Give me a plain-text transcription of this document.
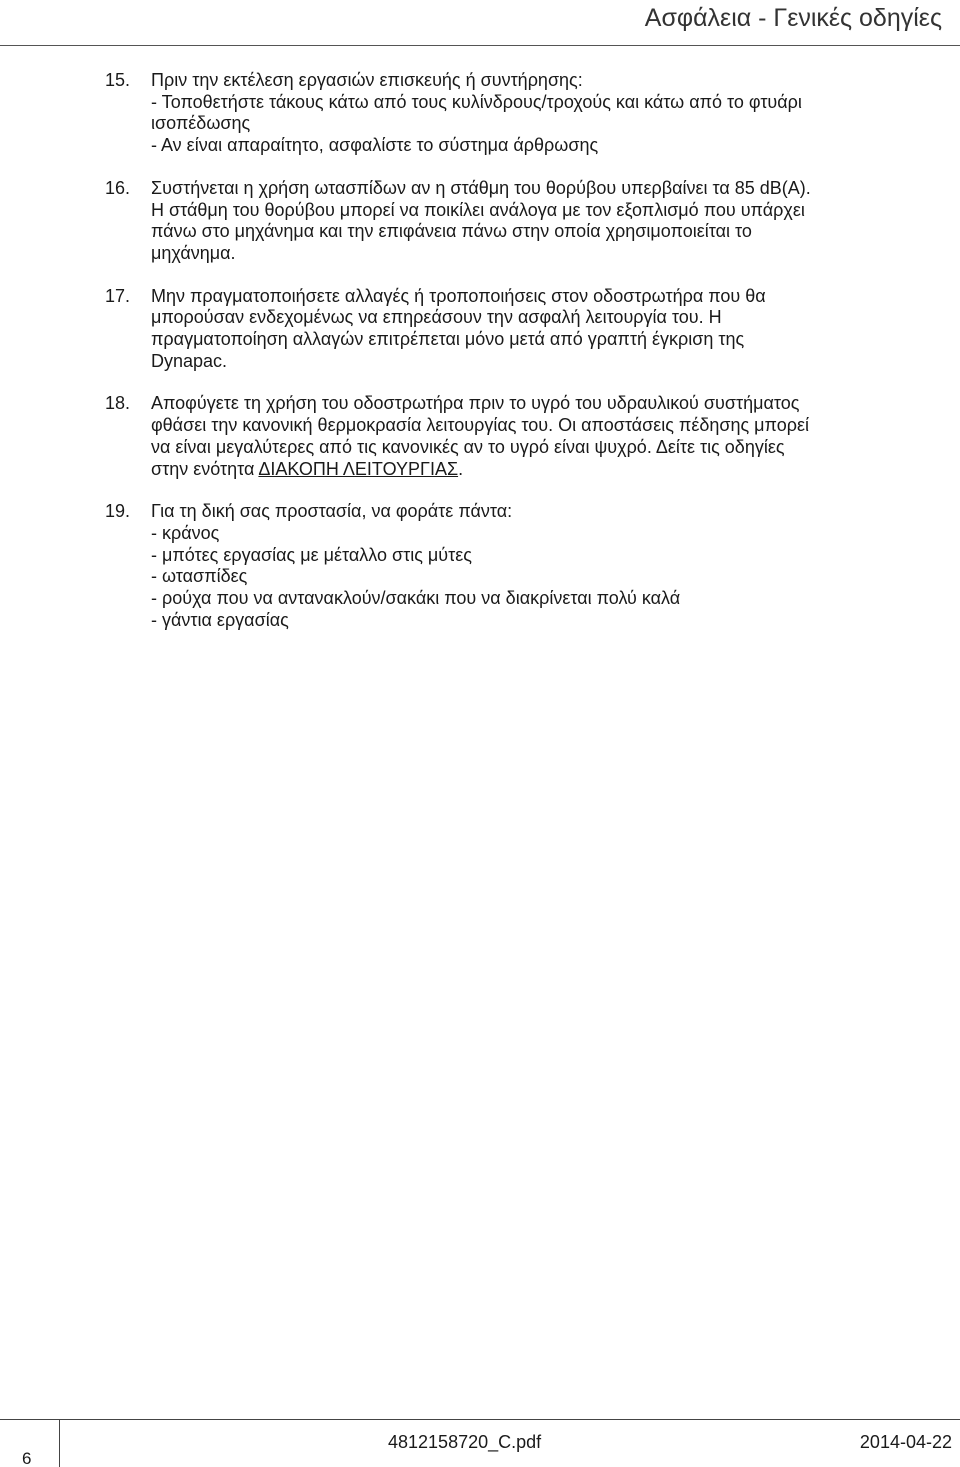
Ασφάλεια - Γενικές οδηγίες
15. Πριν την εκτέλεση εργασιών επισκευής ή συντήρησης:
- Τοποθετήστε τάκους κάτω από τους κυλίνδρους/τροχούς και κάτω από το φτυάρι
ισοπέδωσης
- Αν είναι απαραίτητο, ασφαλίστε το σύστημα άρθρωσης
16. Συστήνεται η χρήση ωτασπίδων αν η στάθμη του θορύβου υπερβαίνει τα 85 dB(A).
Η στάθμη του θορύβου μπορεί να ποικίλει ανάλογα με τον εξοπλισμό που υπάρχει
πάνω στο μηχάνημα και την επιφάνεια πάνω στην οποία χρησιμοποιείται το
μηχάνημα.
17. Μην πραγματοποιήσετε αλλαγές ή τροποποιήσεις στον οδοστρωτήρα που θα
μπορούσαν ενδεχομένως να επηρεάσουν την ασφαλή λειτουργία του. Η
πραγματοποίηση αλλαγών επιτρέπεται μόνο μετά από γραπτή έγκριση της
Dynapac.
18. Αποφύγετε τη χρήση του οδοστρωτήρα πριν το υγρό του υδραυλικού συστήματος
φθάσει την κανονική θερμοκρασία λειτουργίας του. Οι αποστάσεις πέδησης μπορεί
να είναι μεγαλύτερες από τις κανονικές αν το υγρό είναι ψυχρό. Δείτε τις οδηγίες
στην ενότητα ΔΙΑΚΟΠΗ ΛΕΙΤΟΥΡΓΙΑΣ.
19. Για τη δική σας προστασία, να φοράτε πάντα:
- κράνος
- μπότες εργασίας με μέταλλο στις μύτες
- ωτασπίδες
- ρούχα που να αντανακλούν/σακάκι που να διακρίνεται πολύ καλά
- γάντια εργασίας
6
4812158720_C.pdf	2014-04-22
